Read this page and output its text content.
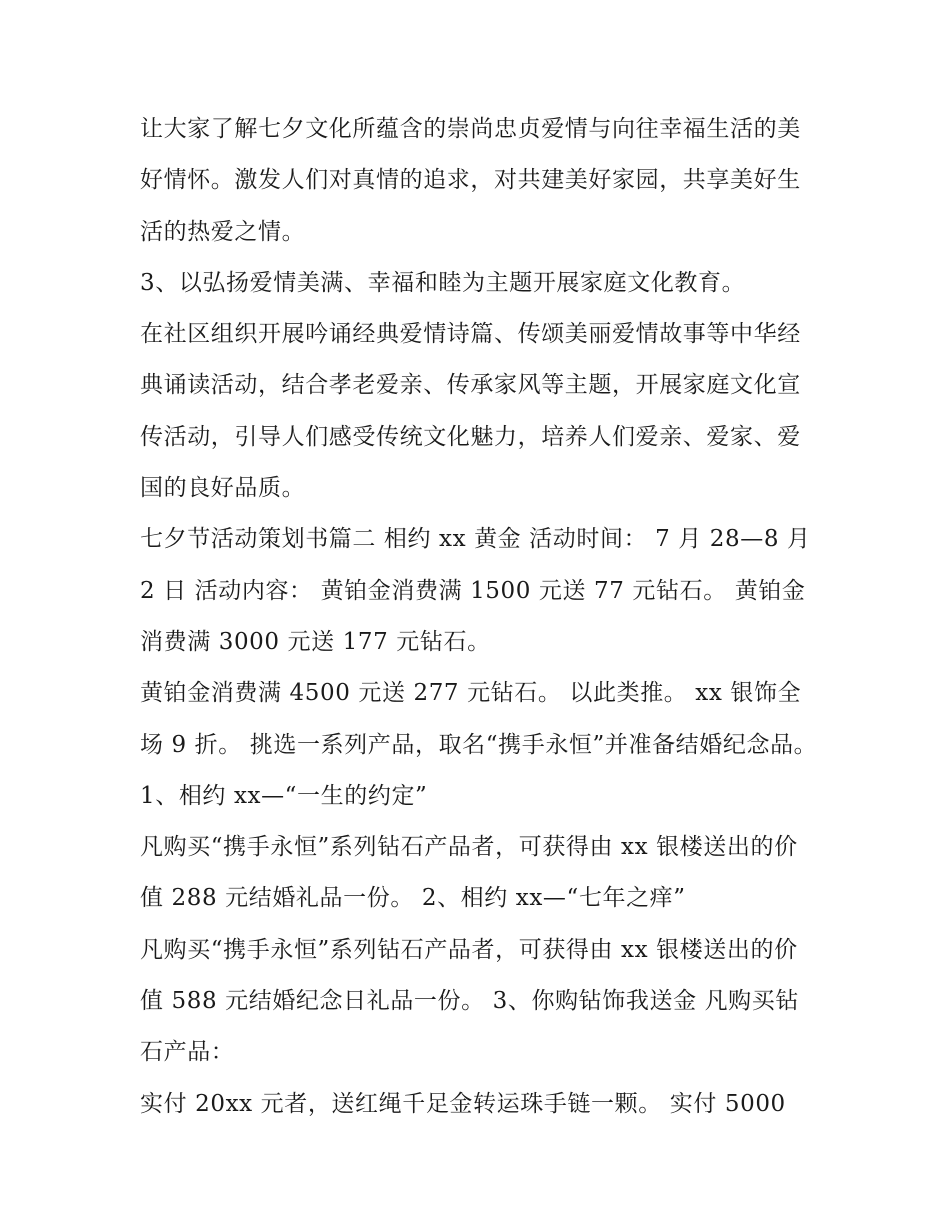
让大家了解七夕文化所蕴含的崇尚忠贞爱情与向往幸福生活的美好情怀。激发人们对真情的追求，对共建美好家园，共享美好生活的热爱之情。

3、以弘扬爱情美满、幸福和睦为主题开展家庭文化教育。

在社区组织开展吟诵经典爱情诗篇、传颂美丽爱情故事等中华经典诵读活动，结合孝老爱亲、传承家风等主题，开展家庭文化宣传活动，引导人们感受传统文化魅力，培养人们爱亲、爱家、爱国的良好品质。

七夕节活动策划书篇二 相约 xx 黄金 活动时间： 7 月 28—8 月 2 日 活动内容： 黄铂金消费满 1500 元送 77 元钻石。 黄铂金消费满 3000 元送 177 元钻石。

黄铂金消费满 4500 元送 277 元钻石。 以此类推。 xx 银饰全场 9 折。 挑选一系列产品，取名“携手永恒”并准备结婚纪念品。

1、相约 xx—“一生的约定”

凡购买“携手永恒”系列钻石产品者，可获得由 xx 银楼送出的价值 288 元结婚礼品一份。 2、相约 xx—“七年之痒”

凡购买“携手永恒”系列钻石产品者，可获得由 xx 银楼送出的价值 588 元结婚纪念日礼品一份。 3、你购钻饰我送金 凡购买钻石产品：

实付 20xx 元者，送红绳千足金转运珠手链一颗。 实付 5000
